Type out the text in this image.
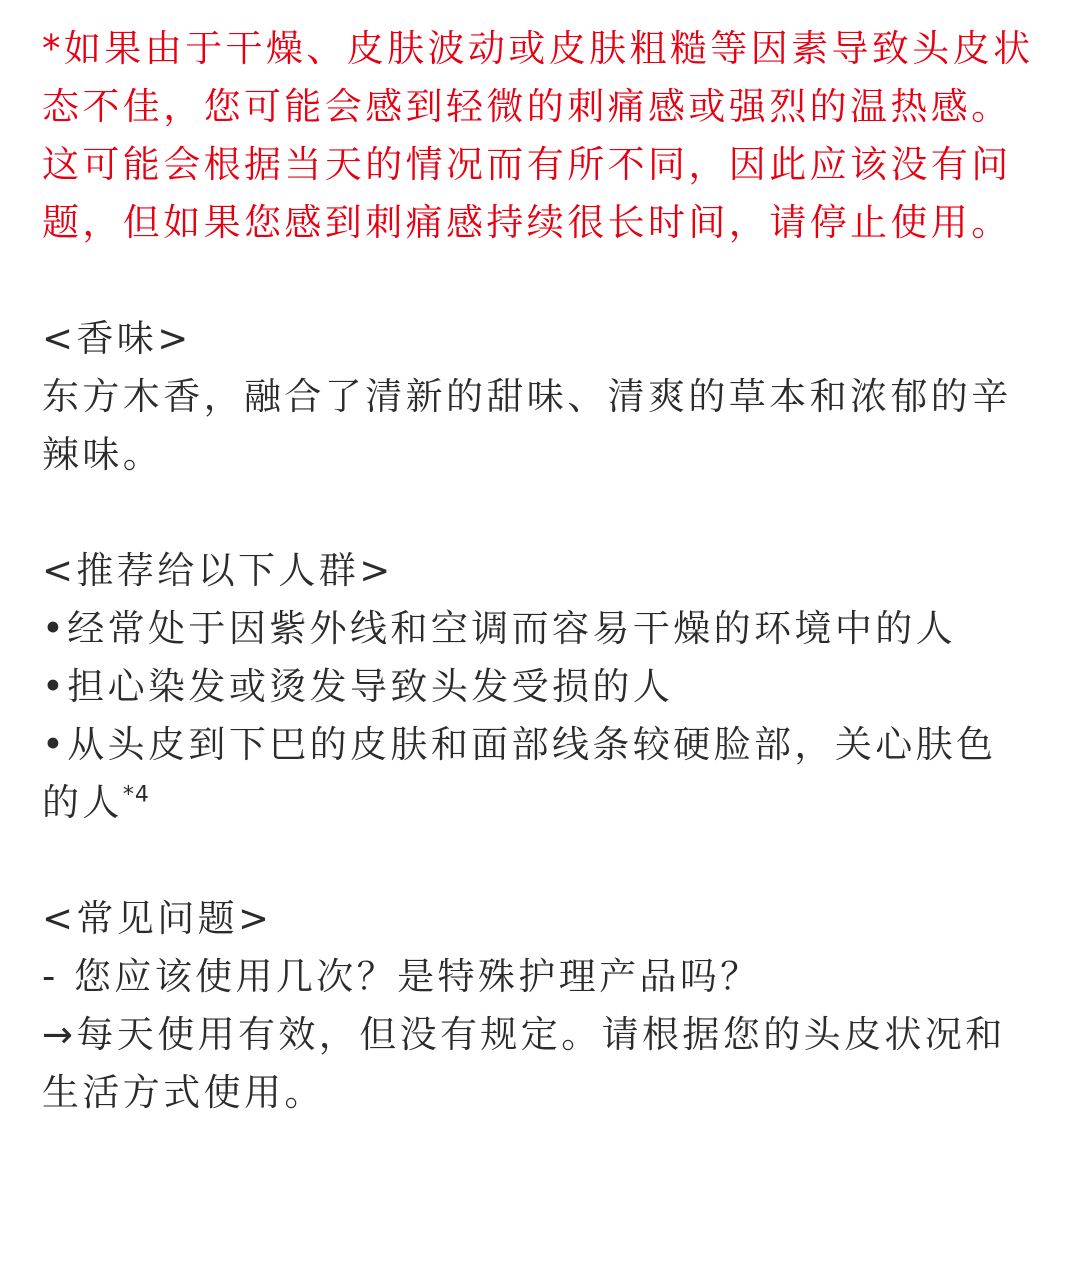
*如果由于干燥、皮肤波动或皮肤粗糙等因素导致头皮状态不佳，您可能会感到轻微的刺痛感或强烈的温热感。

这可能会根据当天的情况而有所不同，因此应该没有问题，但如果您感到刺痛感持续很长时间，请停止使用。

<香味>

东方木香，融合了清新的甜味、清爽的草本和浓郁的辛辣味。

<推荐给以下人群>

•经常处于因紫外线和空调而容易干燥的环境中的人

•担心染发或烫发导致头发受损的人

•从头皮到下巴的皮肤和面部线条较硬脸部，关心肤色的人$^{*4}$

<常见问题>

- 您应该使用几次？是特殊护理产品吗？

→每天使用有效，但没有规定。请根据您的头皮状况和生活方式使用。
